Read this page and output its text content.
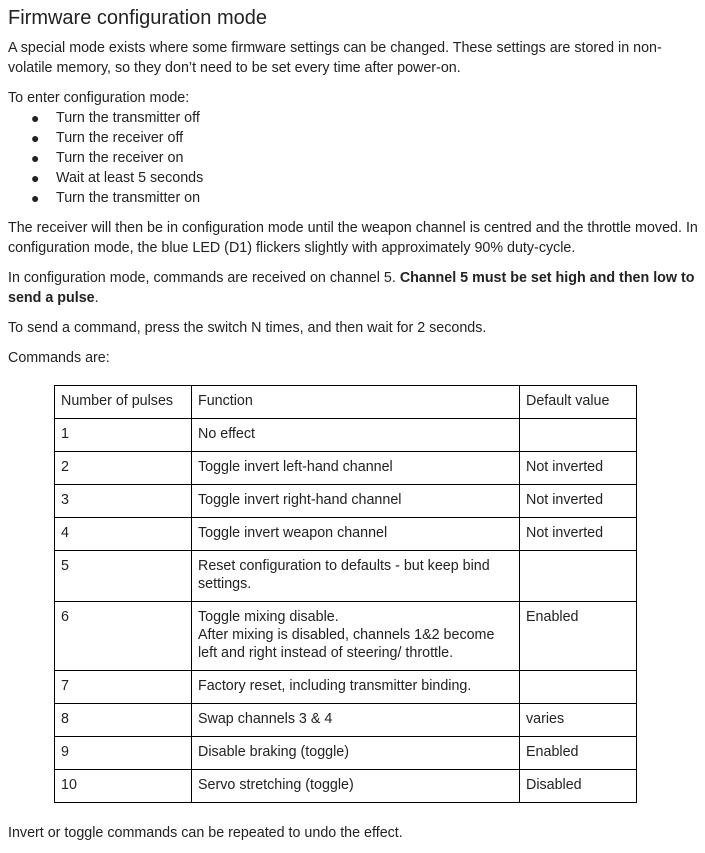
Firmware configuration mode

A special mode exists where some firmware settings can be changed. These settings are stored in non-volatile memory, so they don’t need to be set every time after power-on.

To enter configuration mode:

● Turn the transmitter off
● Turn the receiver off
● Turn the receiver on
● Wait at least 5 seconds
● Turn the transmitter on

The receiver will then be in configuration mode until the weapon channel is centred and the throttle moved. In configuration mode, the blue LED (D1) flickers slightly with approximately 90% duty-cycle.

In configuration mode, commands are received on channel 5. Channel 5 must be set high and then low to send a pulse.

To send a command, press the switch N times, and then wait for 2 seconds.

Commands are:

Number of pulses	Function	Default value
1	No effect	

2	Toggle invert left-hand channel	Not inverted
3	Toggle invert right-hand channel	Not inverted
4	Toggle invert weapon channel	Not inverted
5	Reset configuration to defaults - but keep bind settings.	

6	Toggle mixing disable.
After mixing is disabled, channels 1&2 become left and right instead of steering/ throttle.	Enabled
7	Factory reset, including transmitter binding.	

8	Swap channels 3 & 4	varies
9	Disable braking (toggle)	Enabled
10	Servo stretching (toggle)	Disabled

Invert or toggle commands can be repeated to undo the effect.
